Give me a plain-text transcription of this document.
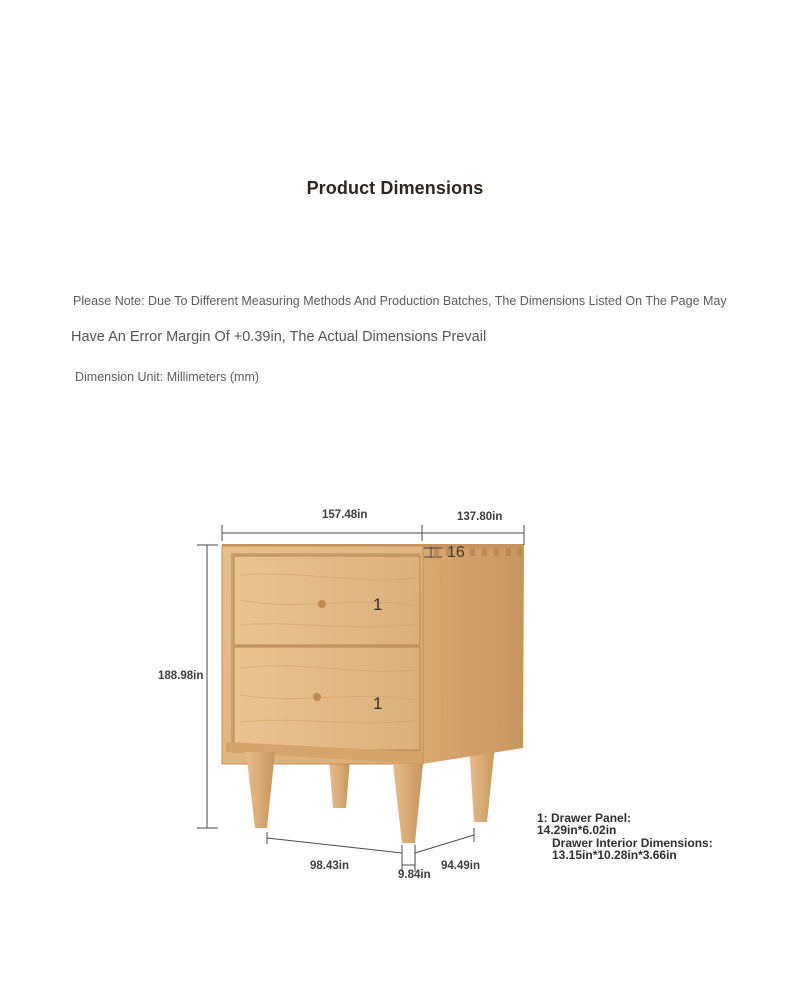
Product Dimensions
Please Note: Due To Different Measuring Methods And Production Batches, The Dimensions Listed On The Page May
Have An Error Margin Of +0.39in, The Actual Dimensions Prevail
Dimension Unit: Millimeters (mm)
157.48in	137.80in
16
188.98in
98.43in
9.84in
94.49in
1
1
1: Drawer Panel:
14.29in*6.02in
Drawer Interior Dimensions:
13.15in*10.28in*3.66in
